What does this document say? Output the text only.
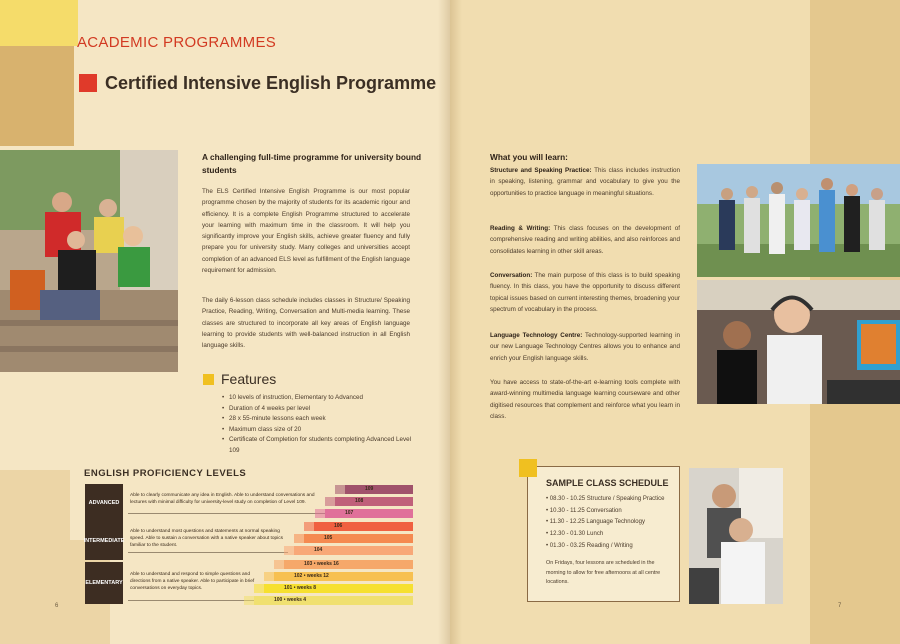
ACADEMIC PROGRAMMES
Certified Intensive English Programme
A challenging full-time programme for university bound students
The ELS Certified Intensive English Programme is our most popular programme chosen by the majority of students for its academic rigour and efficiency. It is a complete English Programme structured to accelerate your learning with maximum time in the classroom. It will help you significantly improve your English skills, achieve greater fluency and fully prepare you for university study. Many colleges and universities accept completion of an advanced ELS level as fulfillment of the English language requirement for admission.
The daily 6-lesson class schedule includes classes in Structure/ Speaking Practice, Reading, Writing, Conversation and Multi-media learning. These classes are structured to incorporate all key areas of English language learning to provide students with well-balanced instruction in all English language skills.
Features
• 10 levels of instruction, Elementary to Advanced
• Duration of 4 weeks per level
• 28 x 55-minute lessons each week
• Maximum class size of 20
• Certificate of Completion for students completing Advanced Level 109
ENGLISH PROFICIENCY LEVELS
ADVANCED
Able to clearly communicate any idea in English. Able to understand conversations and lectures with minimal difficulty for university-level study on completion of Level 109.
INTERMEDIATE
Able to understand most questions and statements at normal speaking speed. Able to sustain a conversation with a native speaker about topics familiar to the student.
ELEMENTARY
Able to understand and respond to simple questions and directions from a native speaker. Able to participate in brief conversations on everyday topics.
109
108
107
106
105
104
103 • weeks 16
102 • weeks 12
101 • weeks 8
100 • weeks 4
6	7
What you will learn:
Structure and Speaking Practice: This class includes instruction in speaking, listening, grammar and vocabulary to give you the opportunities to practice language in meaningful situations.
Reading & Writing: This class focuses on the development of comprehensive reading and writing abilities, and also reinforces and consolidates learning in other skill areas.
Conversation: The main purpose of this class is to build speaking fluency. In this class, you have the opportunity to discuss different topical issues based on current interesting themes, broadening your spectrum of vocabulary in the process.
Language Technology Centre: Technology-supported learning in our new Language Technology Centres allows you to enhance and enrich your English language skills.
You have access to state-of-the-art e-learning tools complete with award-winning multimedia language learning courseware and other digitised resources that complement and reinforce what you learn in class.
SAMPLE CLASS SCHEDULE
• 08.30 - 10.25 Structure / Speaking Practice
• 10.30 - 11.25 Conversation
• 11.30 - 12.25 Language Technology
• 12.30 - 01.30 Lunch
• 01.30 - 03.25 Reading / Writing
On Fridays, four lessons are scheduled in the morning to allow for free afternoons at all centre locations.
